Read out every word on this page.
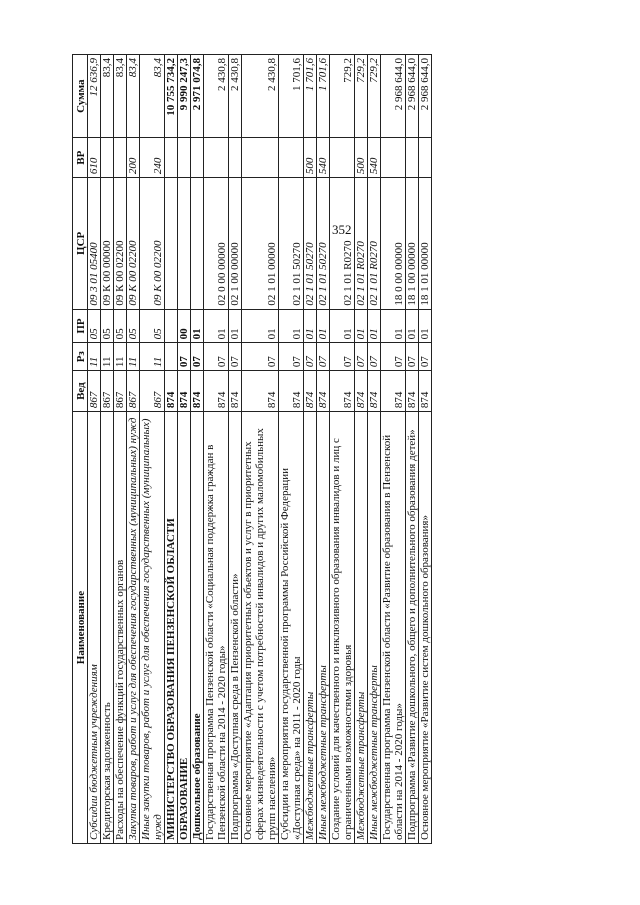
352
Наименование	Вед	Рз	ПР	ЦСР	ВР	Сумма
Субсидии бюджетным учреждениям	867	11	05	09 3 01 05400	610	12 636,9
Кредиторская задолженность	867	11	05	09 К 00 00000		83,4
Расходы на обеспечение функций государственных органов	867	11	05	09 К 00 02200		83,4
Закупка товаров, работ и услуг для обеспечения государственных (муниципальных) нужд	867	11	05	09 К 00 02200	200	83,4
Иные закупки товаров, работ и услуг для обеспечения государственных (муниципальных) нужд	867	11	05	09 К 00 02200	240	83,4
МИНИСТЕРСТВО ОБРАЗОВАНИЯ ПЕНЗЕНСКОЙ ОБЛАСТИ	874					10 755 734,2
ОБРАЗОВАНИЕ	874	07	00			9 990 247,3
Дошкольное образование	874	07	01			2 971 074,8
Государственная программа Пензенской области «Социальная поддержка граждан в Пензенской области на 2014 - 2020 годы»	874	07	01	02 0 00 00000		2 430,8
Подпрограмма «Доступная среда в Пензенской области»	874	07	01	02 1 00 00000		2 430,8
Основное мероприятие «Адаптация приоритетных объектов и услуг в приоритетных сферах жизнедеятельности с учетом потребностей инвалидов и других маломобильных групп населения»	874	07	01	02 1 01 00000		2 430,8
Субсидии на мероприятия государственной программы Российской Федерации «Доступная среда» на 2011 - 2020 годы	874	07	01	02 1 01 50270		1 701,6
Межбюджетные трансферты	874	07	01	02 1 01 50270	500	1 701,6
Иные межбюджетные трансферты	874	07	01	02 1 01 50270	540	1 701,6
Создание условий для качественного и инклюзивного образования инвалидов и лиц с ограниченными возможностями здоровья	874	07	01	02 1 01 R0270		729,2
Межбюджетные трансферты	874	07	01	02 1 01 R0270	500	729,2
Иные межбюджетные трансферты	874	07	01	02 1 01 R0270	540	729,2
Государственная программа Пензенской области «Развитие образования в Пензенской области на 2014 - 2020 годы»	874	07	01	18 0 00 00000		2 968 644,0
Подпрограмма «Развитие дошкольного, общего и дополнительного образования детей»	874	07	01	18 1 00 00000		2 968 644,0
Основное мероприятие «Развитие систем дошкольного образования»	874	07	01	18 1 01 00000		2 968 644,0
